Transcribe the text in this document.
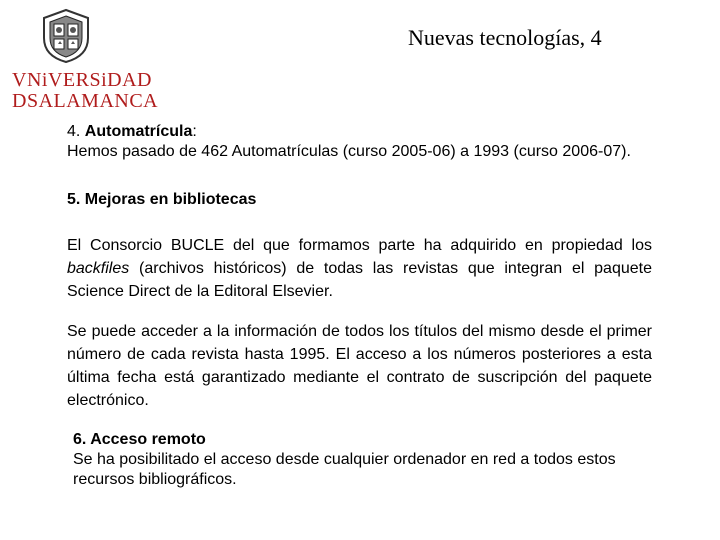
VNiVERSiDAD
DSALAMANCA
Nuevas tecnologías, 4
4. Automatrícula:
Hemos pasado de 462 Automatrículas (curso 2005-06) a 1993 (curso 2006-07).
5. Mejoras en bibliotecas
El Consorcio BUCLE del que formamos parte ha adquirido en propiedad los backfiles (archivos históricos) de todas las revistas que integran el paquete Science Direct de la Editoral Elsevier.
Se puede acceder a la información de todos los títulos del mismo desde el primer número de cada revista hasta 1995. El acceso a los números posteriores a esta última fecha está garantizado mediante el contrato de suscripción del paquete electrónico.
6. Acceso remoto
Se ha posibilitado el acceso desde cualquier ordenador en red a todos estos recursos bibliográficos.
